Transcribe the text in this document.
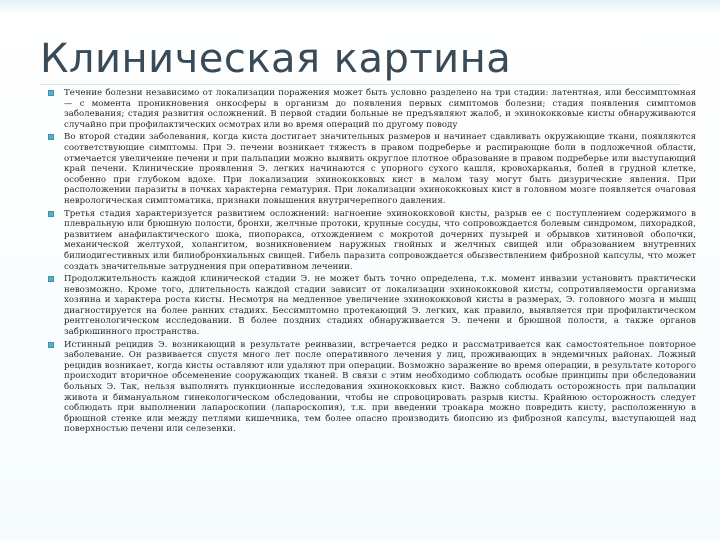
Клиническая картина
Течение болезни независимо от локализации поражения может быть условно разделено на три стадии: латентная, или бессимптомная — с момента проникновения онкосферы в организм до появления первых симптомов болезни; стадия появления симптомов заболевания; стадия развития осложнений. В первой стадии больные не предъявляют жалоб, и эхинококковые кисты обнаруживаются случайно при профилактических осмотрах или во время операций по другому поводу
Во второй стадии заболевания, когда киста достигает значительных размеров и начинает сдавливать окружающие ткани, появляются соответствующие симптомы. При Э. печени возникает тяжесть в правом подреберье и распирающие боли в подложечной области, отмечается увеличение печени и при пальпации можно выявить округлое плотное образование в правом подреберье или выступающий край печени. Клинические проявления Э. легких начинаются с упорного сухого кашля, кровохарканья, болей в грудной клетке, особенно при глубоком вдохе. При локализации эхинококковых кист в малом тазу могут быть дизурические явления. При расположении паразиты в почках характерна гематурия. При локализации эхинококковых кист в головном мозге появляется очаговая неврологическая симптоматика, признаки повышения внутричерепного давления.
Третья стадия характеризуется развитием осложнений: нагноение эхинококковой кисты, разрыв ее с поступлением содержимого в плевральную или брюшную полости, бронхи, желчные протоки, крупные сосуды, что сопровождается болевым синдромом, лихорадкой, развитием анафилактического шока, пиопоракса, отхождением с мокротой дочерних пузырей и обрывков хитиновой оболочки, механической желтухой, холангитом, возникновением наружных гнойных и желчных свищей или образованием внутренних билиодигестивных или билиобронхиальных свищей. Гибель паразита сопровождается обызвествлением фиброзной капсулы, что может создать значительные затруднения при оперативном лечении.
Продолжительность каждой клинической стадии Э. не может быть точно определена, т.к. момент инвазии установить практически невозможно. Кроме того, длительность каждой стадии зависит от локализации эхинококковой кисты, сопротивляемости организма хозяина и характера роста кисты. Несмотря на медленное увеличение эхинококковой кисты в размерах, Э. головного мозга и мышц диагностируется на более ранних стадиях. Бессимптомно протекающий Э. легких, как правило, выявляется при профилактическом рентгенологическом исследовании. В более поздних стадиях обнаруживается Э. печени и брюшной полости, а также органов забрюшинного пространства.
Истинный рецидив Э. возникающий в результате реинвазии, встречается редко и рассматривается как самостоятельное повторное заболевание. Он развивается спустя много лет после оперативного лечения у лиц, проживающих в эндемичных районах. Ложный рецидив возникает, когда кисты оставляют или удаляют при операции. Возможно заражение во время операции, в результате которого происходит вторичное обсеменение сооружающих тканей. В связи с этим необходимо соблюдать особые принципы при обследовании больных Э. Так, нельзя выполнять пункционные исследования эхинококковых кист. Важно соблюдать осторожность при пальпации живота и бимануальном гинекологическом обследовании, чтобы не спровоцировать разрыв кисты. Крайнюю осторожность следует соблюдать при выполнении лапароскопии (лапароскопия), т.к. при введении троакара можно повредить кисту, расположенную в брюшной стенке или между петлями кишечника, тем более опасно производить биопсию из фиброзной капсулы, выступающей над поверхностью печени или селезенки.
